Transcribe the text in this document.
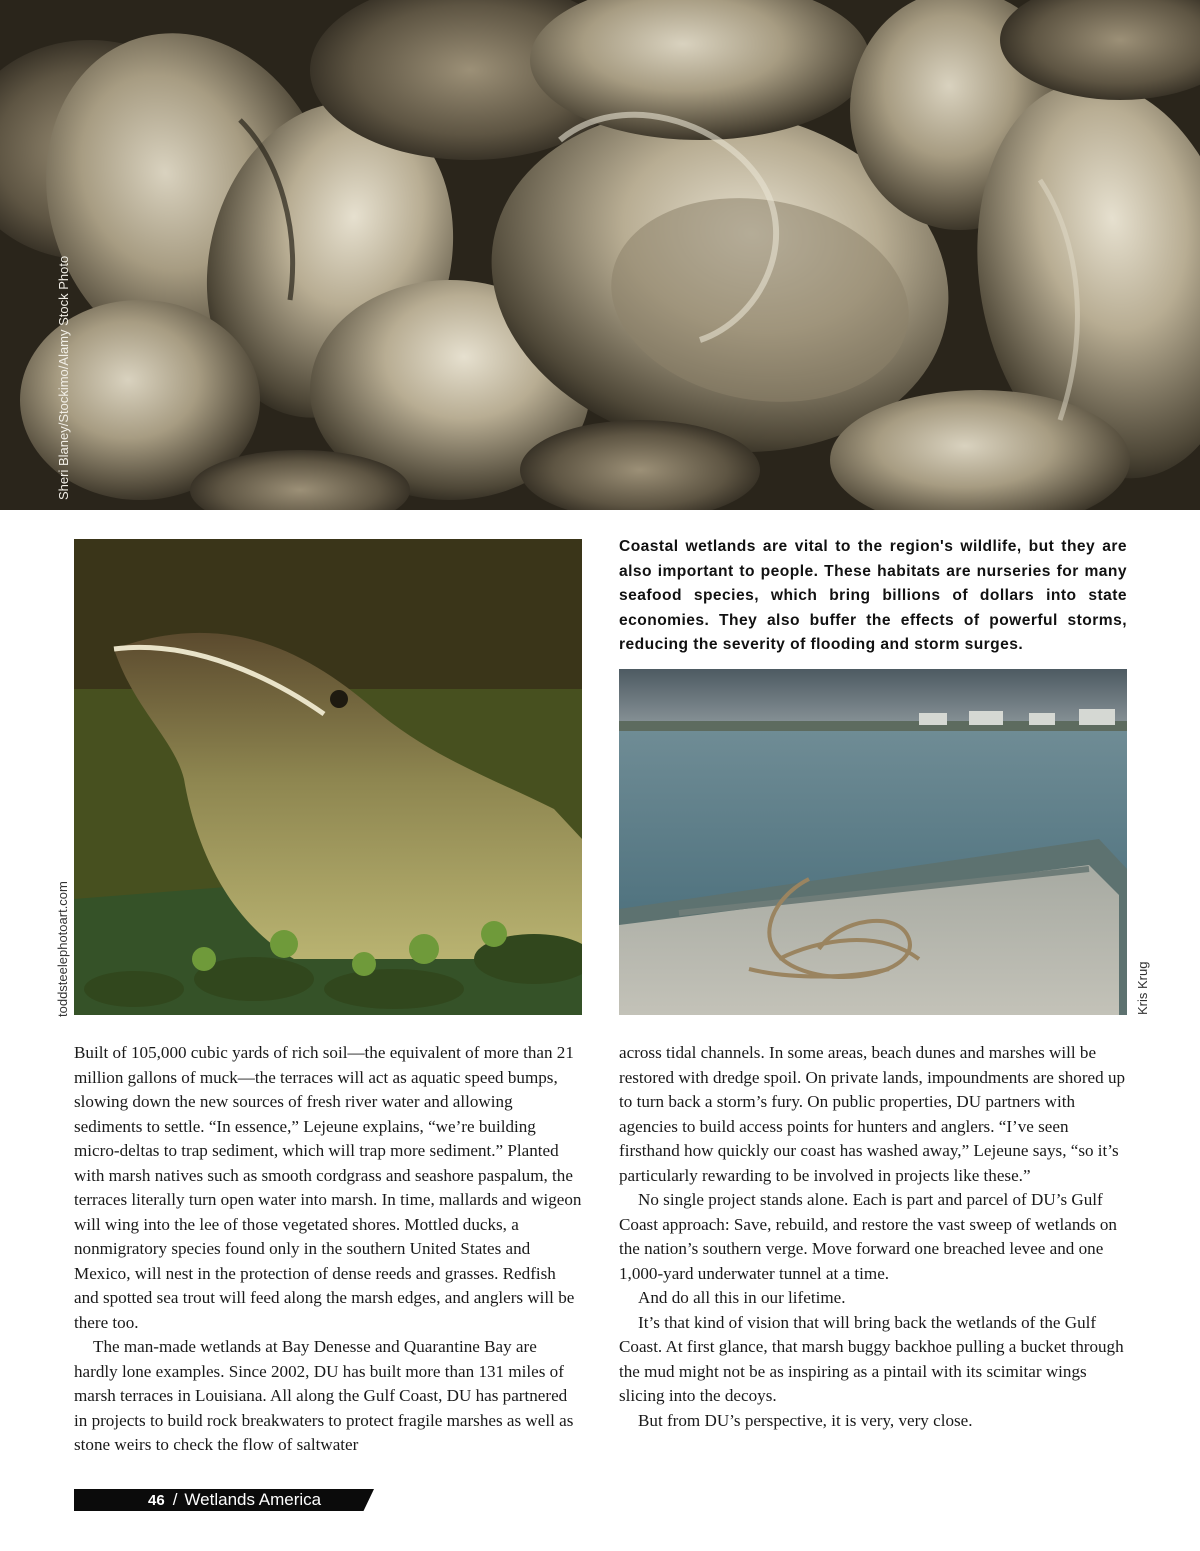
Sheri Blaney/Stockimo/Alamy Stock Photo
toddsteelephotoart.com

Coastal wetlands are vital to the region's wildlife, but they are also important to people. These habitats are nurseries for many seafood species, which bring billions of dollars into state economies. They also buffer the effects of powerful storms, reducing the severity of flooding and storm surges.

Kris Krug

Built of 105,000 cubic yards of rich soil—the equivalent of more than 21 million gallons of muck—the terraces will act as aquatic speed bumps, slowing down the new sources of fresh river water and allowing sediments to settle. “In essence,” Lejeune explains, “we’re building micro-deltas to trap sediment, which will trap more sediment.” Planted with marsh natives such as smooth cordgrass and seashore paspalum, the terraces literally turn open water into marsh. In time, mallards and wigeon will wing into the lee of those vegetated shores. Mottled ducks, a nonmigratory species found only in the southern United States and Mexico, will nest in the protection of dense reeds and grasses. Redfish and spotted sea trout will feed along the marsh edges, and anglers will be there too.

The man-made wetlands at Bay Denesse and Quarantine Bay are hardly lone examples. Since 2002, DU has built more than 131 miles of marsh terraces in Louisiana. All along the Gulf Coast, DU has partnered in projects to build rock breakwaters to protect fragile marshes as well as stone weirs to check the flow of saltwater

across tidal channels. In some areas, beach dunes and marshes will be restored with dredge spoil. On private lands, impoundments are shored up to turn back a storm’s fury. On public properties, DU partners with agencies to build access points for hunters and anglers. “I’ve seen firsthand how quickly our coast has washed away,” Lejeune says, “so it’s particularly rewarding to be involved in projects like these.”

No single project stands alone. Each is part and parcel of DU’s Gulf Coast approach: Save, rebuild, and restore the vast sweep of wetlands on the nation’s southern verge. Move forward one breached levee and one 1,000-yard underwater tunnel at a time.

And do all this in our lifetime.

It’s that kind of vision that will bring back the wetlands of the Gulf Coast. At first glance, that marsh buggy backhoe pulling a bucket through the mud might not be as inspiring as a pintail with its scimitar wings slicing into the decoys.

But from DU’s perspective, it is very, very close.

46 / Wetlands America
